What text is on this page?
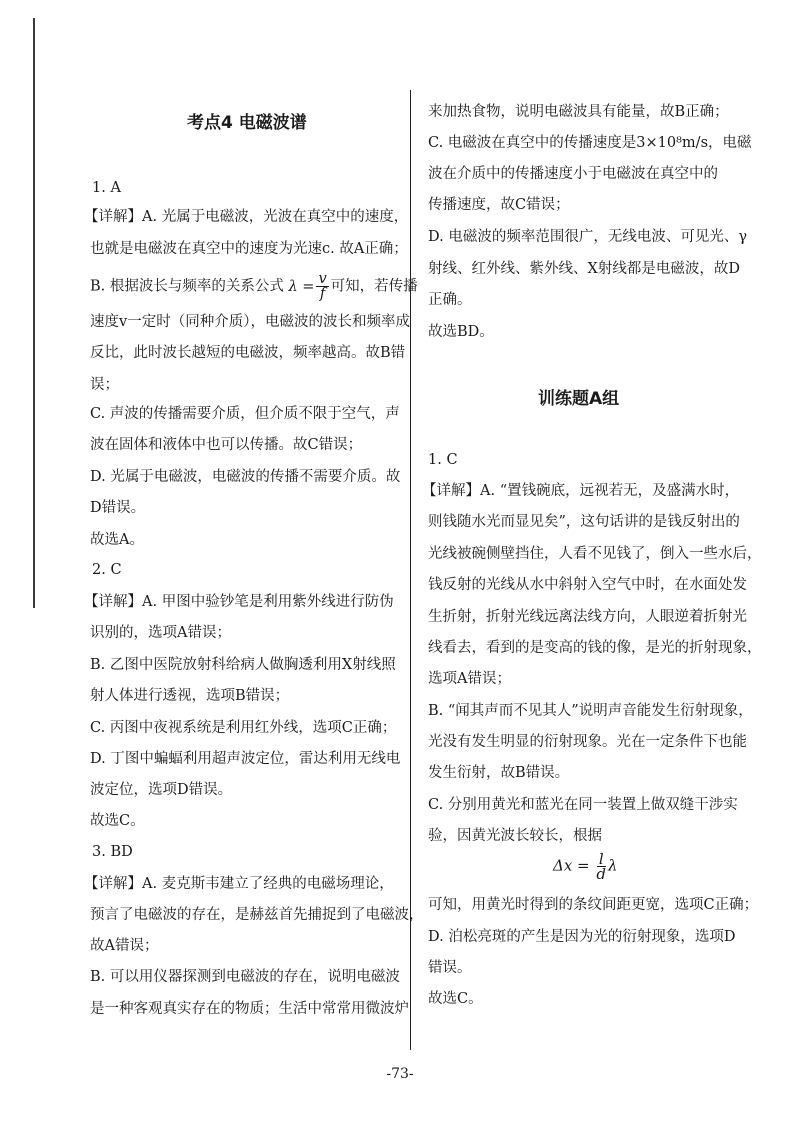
考点4 电磁波谱
1. A
【详解】A. 光属于电磁波，光波在真空中的速度，
也就是电磁波在真空中的速度为光速c. 故A正确；
B. 根据波长与频率的关系公式 $\lambda = \frac{v}{f}$ 可知，若传播
速度v一定时（同种介质），电磁波的波长和频率成
反比，此时波长越短的电磁波，频率越高。故B错
误；
C. 声波的传播需要介质，但介质不限于空气，声
波在固体和液体中也可以传播。故C错误；
D. 光属于电磁波，电磁波的传播不需要介质。故
D错误。
故选A。
2. C
【详解】A. 甲图中验钞笔是利用紫外线进行防伪
识别的，选项A错误；
B. 乙图中医院放射科给病人做胸透利用X射线照
射人体进行透视，选项B错误；
C. 丙图中夜视系统是利用红外线，选项C正确；
D. 丁图中蝙蝠利用超声波定位，雷达利用无线电
波定位，选项D错误。
故选C。
3. BD
【详解】A. 麦克斯韦建立了经典的电磁场理论，
预言了电磁波的存在，是赫兹首先捕捉到了电磁波，
故A错误；
B. 可以用仪器探测到电磁波的存在，说明电磁波
是一种客观真实存在的物质；生活中常常用微波炉
来加热食物，说明电磁波具有能量，故B正确；
C. 电磁波在真空中的传播速度是3×10⁸m/s，电磁
波在介质中的传播速度小于电磁波在真空中的
传播速度，故C错误；
D. 电磁波的频率范围很广，无线电波、可见光、γ
射线、红外线、紫外线、X射线都是电磁波，故D
正确。
故选BD。
训练题A组
1. C
【详解】A. “置钱碗底，远视若无，及盛满水时，
则钱随水光而显见矣”，这句话讲的是钱反射出的
光线被碗侧壁挡住，人看不见钱了，倒入一些水后，
钱反射的光线从水中斜射入空气中时，在水面处发
生折射，折射光线远离法线方向，人眼逆着折射光
线看去，看到的是变高的钱的像，是光的折射现象，
选项A错误；
B. “闻其声而不见其人”说明声音能发生衍射现象，
光没有发生明显的衍射现象。光在一定条件下也能
发生衍射，故B错误。
C. 分别用黄光和蓝光在同一装置上做双缝干涉实
验，因黄光波长较长，根据
$\Delta x = \frac{l}{d}$ λ
可知，用黄光时得到的条纹间距更宽，选项C正确；
D. 泊松亮斑的产生是因为光的衍射现象，选项D
错误。
故选C。
-73-
